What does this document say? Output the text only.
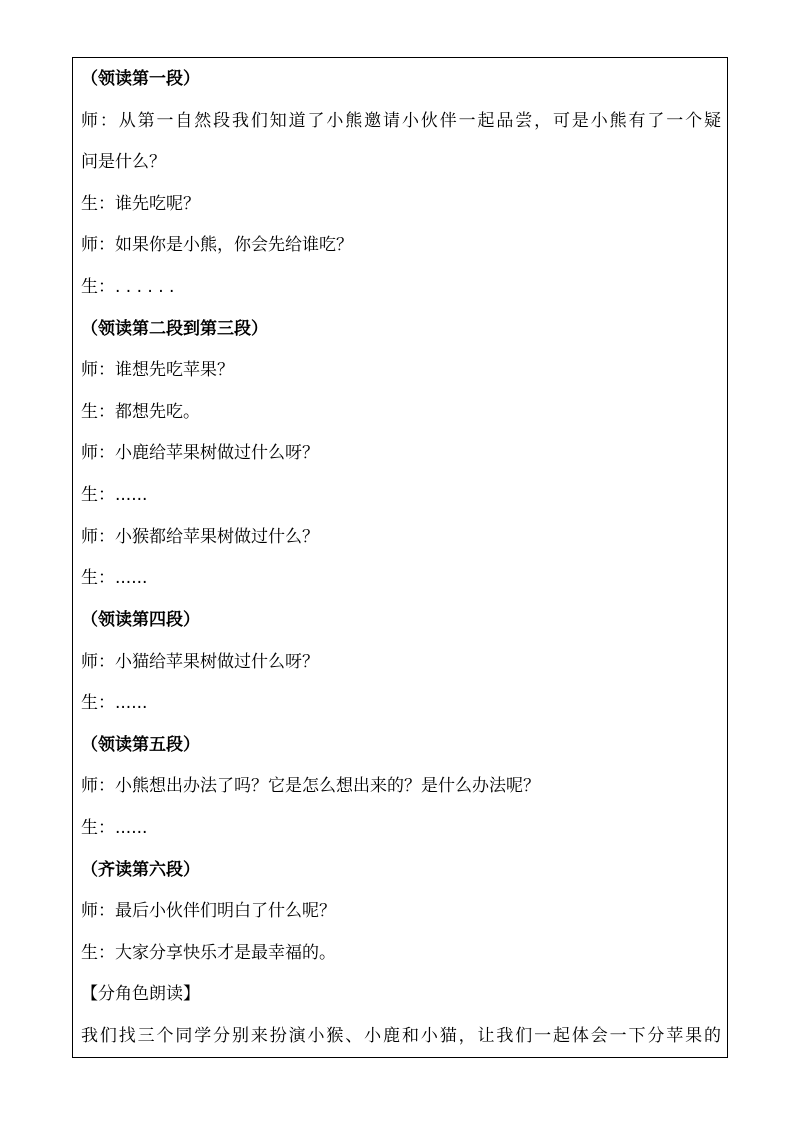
（领读第一段）
师：从第一自然段我们知道了小熊邀请小伙伴一起品尝，可是小熊有了一个疑
问是什么？
生：谁先吃呢？
师：如果你是小熊，你会先给谁吃？
生：. . . . . .
（领读第二段到第三段）
师：谁想先吃苹果？
生：都想先吃。
师：小鹿给苹果树做过什么呀？
生：......
师：小猴都给苹果树做过什么？
生：......
（领读第四段）
师：小猫给苹果树做过什么呀？
生：......
（领读第五段）
师：小熊想出办法了吗？它是怎么想出来的？是什么办法呢？
生：......
（齐读第六段）
师：最后小伙伴们明白了什么呢？
生：大家分享快乐才是最幸福的。
【分角色朗读】
我们找三个同学分别来扮演小猴、小鹿和小猫，让我们一起体会一下分苹果的
